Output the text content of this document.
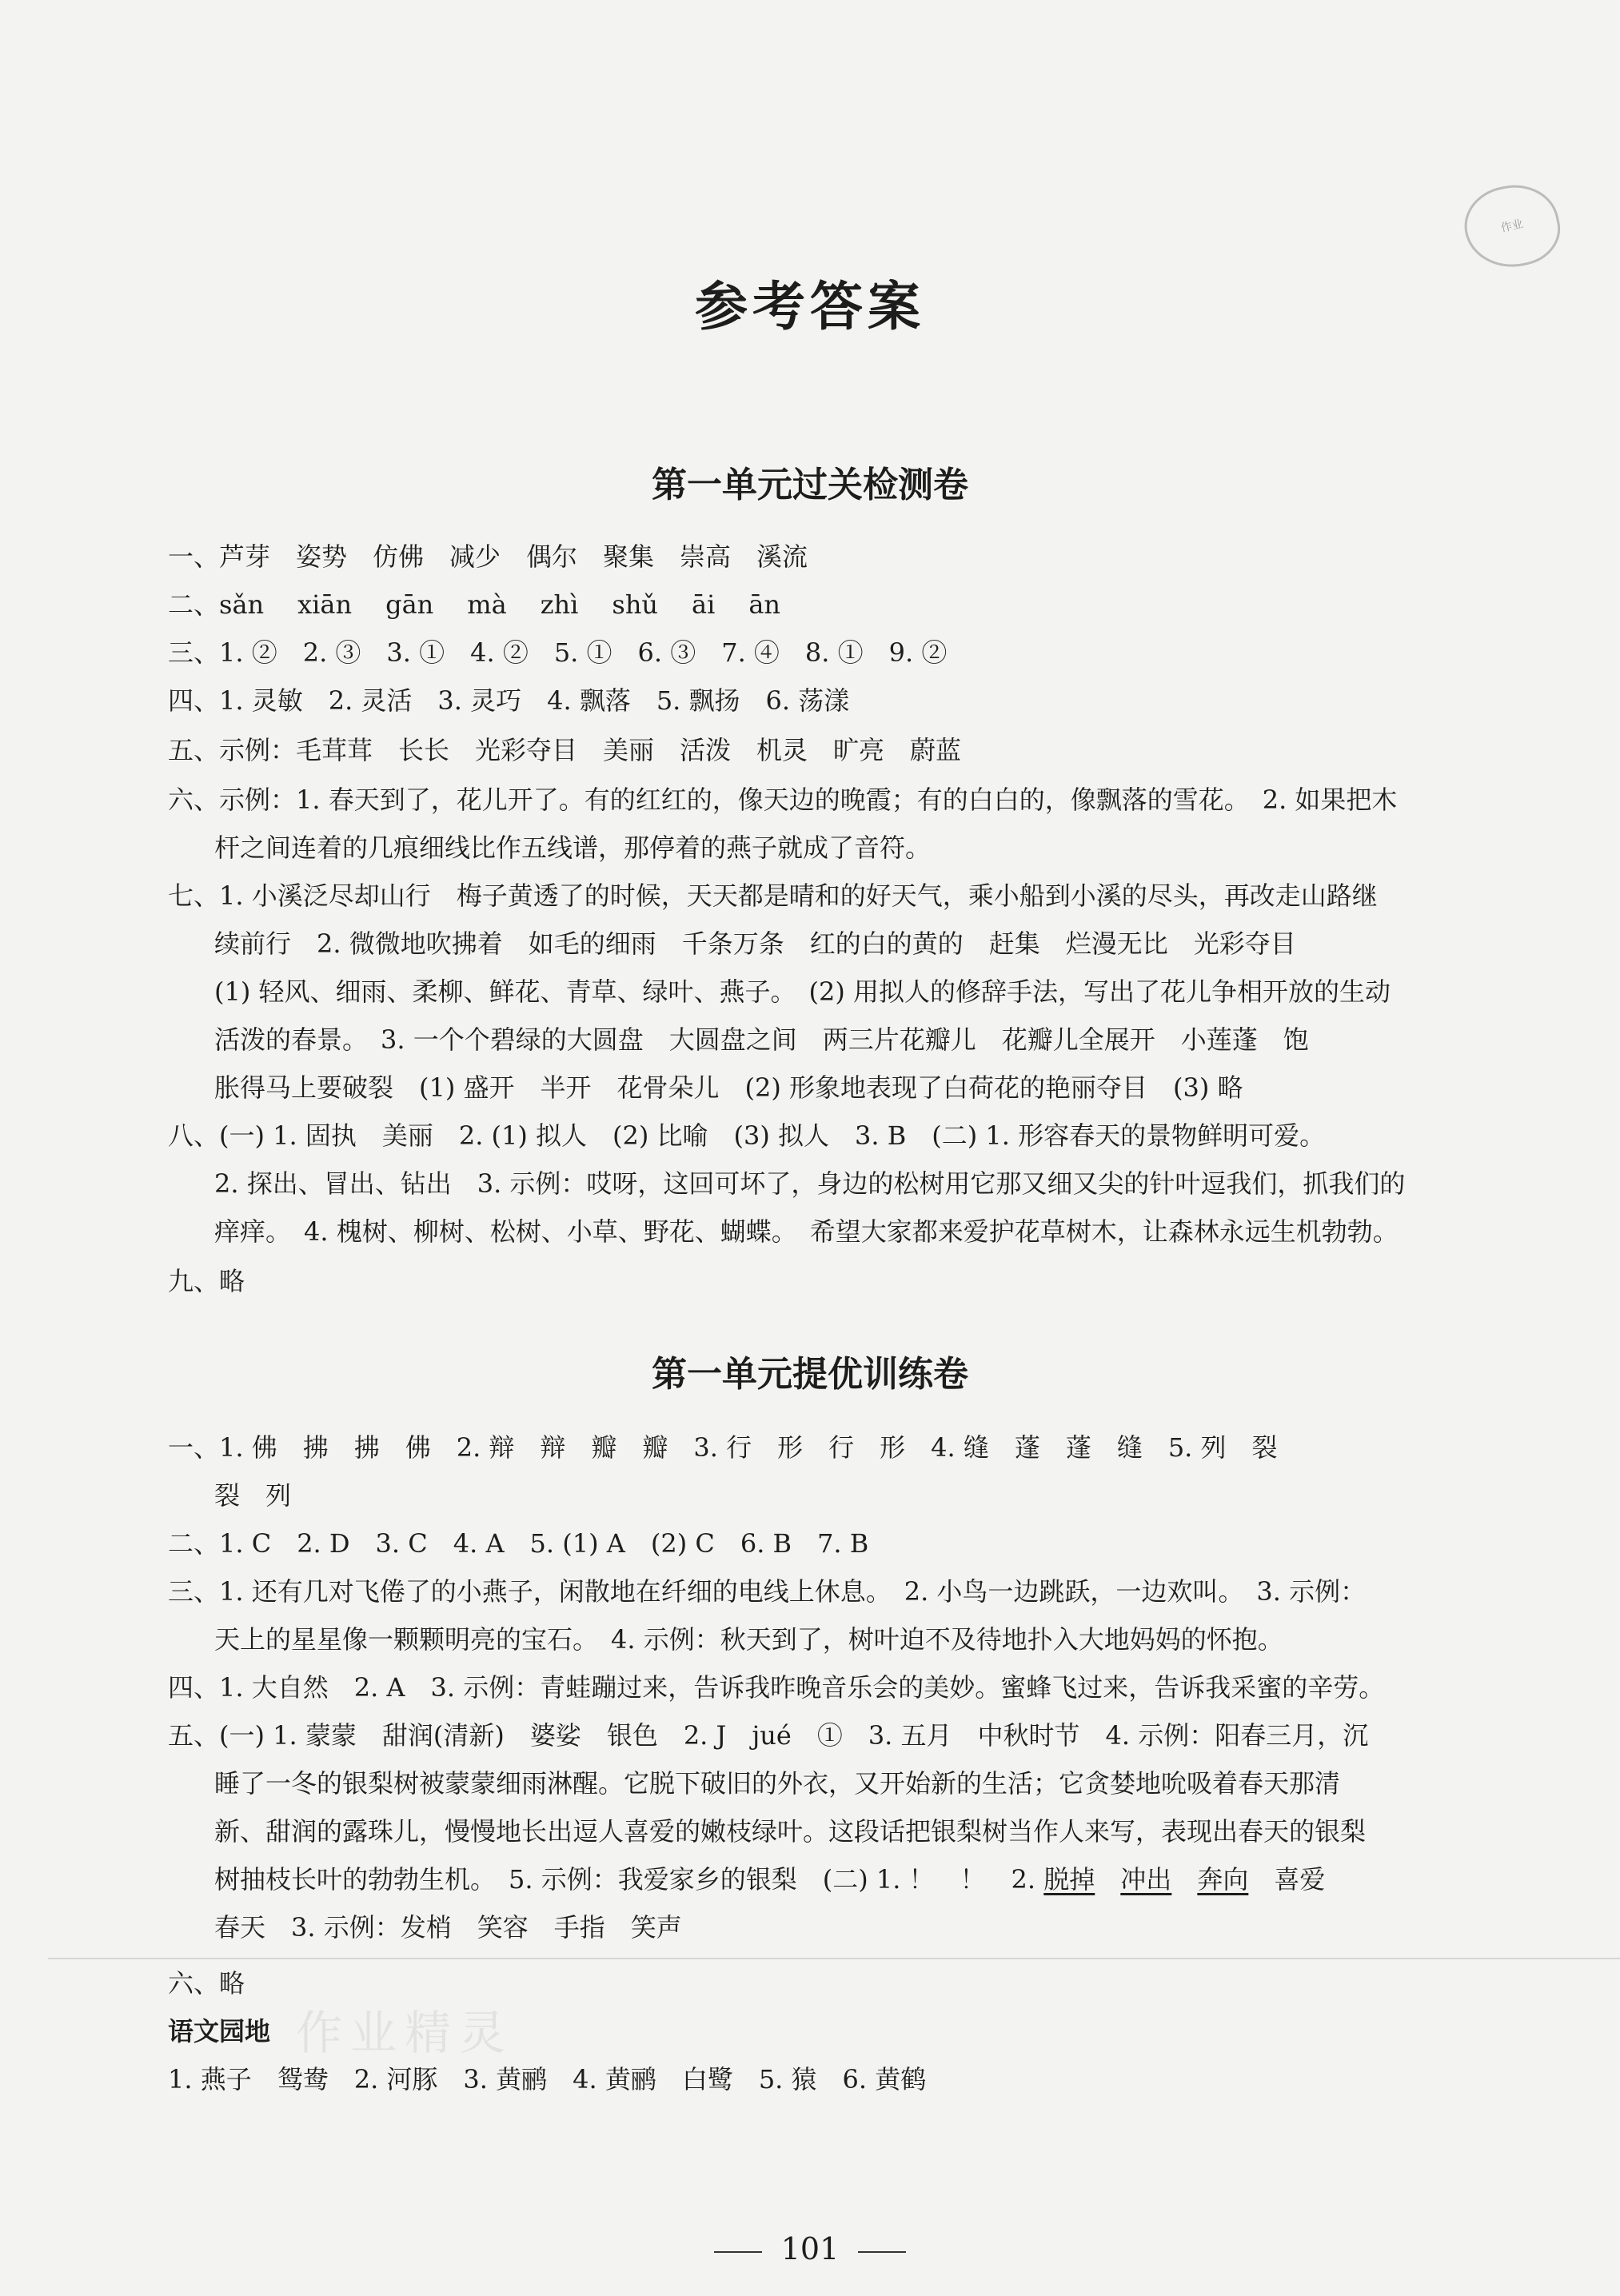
作业
参考答案
第一单元过关检测卷
一、芦芽　姿势　仿佛　减少　偶尔　聚集　崇高　溪流
二、sǎn xiān gān mà zhì shǔ āi ān
三、1. ②　2. ③　3. ①　4. ②　5. ①　6. ③　7. ④　8. ①　9. ②
四、1. 灵敏　2. 灵活　3. 灵巧　4. 飘落　5. 飘扬　6. 荡漾
五、示例：毛茸茸　长长　光彩夺目　美丽　活泼　机灵　旷亮　蔚蓝
六、示例：1. 春天到了，花儿开了。有的红红的，像天边的晚霞；有的白白的，像飘落的雪花。　2. 如果把木
杆之间连着的几痕细线比作五线谱，那停着的燕子就成了音符。
七、1. 小溪泛尽却山行　梅子黄透了的时候，天天都是晴和的好天气，乘小船到小溪的尽头，再改走山路继
续前行　2. 微微地吹拂着　如毛的细雨　千条万条　红的白的黄的　赶集　烂漫无比　光彩夺目
(1) 轻风、细雨、柔柳、鲜花、青草、绿叶、燕子。　(2) 用拟人的修辞手法，写出了花儿争相开放的生动
活泼的春景。　3. 一个个碧绿的大圆盘　大圆盘之间　两三片花瓣儿　花瓣儿全展开　小莲蓬　饱
胀得马上要破裂　(1) 盛开　半开　花骨朵儿　(2) 形象地表现了白荷花的艳丽夺目　(3) 略
八、(一) 1. 固执　美丽　2. (1) 拟人　(2) 比喻　(3) 拟人　3. B　(二) 1. 形容春天的景物鲜明可爱。
2. 探出、冒出、钻出　3. 示例：哎呀，这回可坏了，身边的松树用它那又细又尖的针叶逗我们，抓我们的
痒痒。　4. 槐树、柳树、松树、小草、野花、蝴蝶。　希望大家都来爱护花草树木，让森林永远生机勃勃。
九、略
第一单元提优训练卷
一、1. 佛　拂　拂　佛　2. 辩　辩　瓣　瓣　3. 行　形　行　形　4. 缝　蓬　蓬　缝　5. 列　裂
裂　列
二、1. C　2. D　3. C　4. A　5. (1) A　(2) C　6. B　7. B
三、1. 还有几对飞倦了的小燕子，闲散地在纤细的电线上休息。　2. 小鸟一边跳跃，一边欢叫。　3. 示例：
天上的星星像一颗颗明亮的宝石。　4. 示例：秋天到了，树叶迫不及待地扑入大地妈妈的怀抱。
四、1. 大自然　2. A　3. 示例：青蛙蹦过来，告诉我昨晚音乐会的美妙。蜜蜂飞过来，告诉我采蜜的辛劳。
五、(一) 1. 蒙蒙　甜润(清新)　婆娑　银色　2. J　jué　①　3. 五月　中秋时节　4. 示例：阳春三月，沉
睡了一冬的银梨树被蒙蒙细雨淋醒。它脱下破旧的外衣，又开始新的生活；它贪婪地吮吸着春天那清
新、甜润的露珠儿，慢慢地长出逗人喜爱的嫩枝绿叶。这段话把银梨树当作人来写，表现出春天的银梨
树抽枝长叶的勃勃生机。　5. 示例：我爱家乡的银梨　(二) 1. ！　！　2. 脱掉　 冲出　 奔向　喜爱
春天　3. 示例：发梢　笑容　手指　笑声
六、略
语文园地
1. 燕子　鸳鸯　2. 河豚　3. 黄鹂　4. 黄鹂　白鹭　5. 猿　6. 黄鹤
作业精灵
101
